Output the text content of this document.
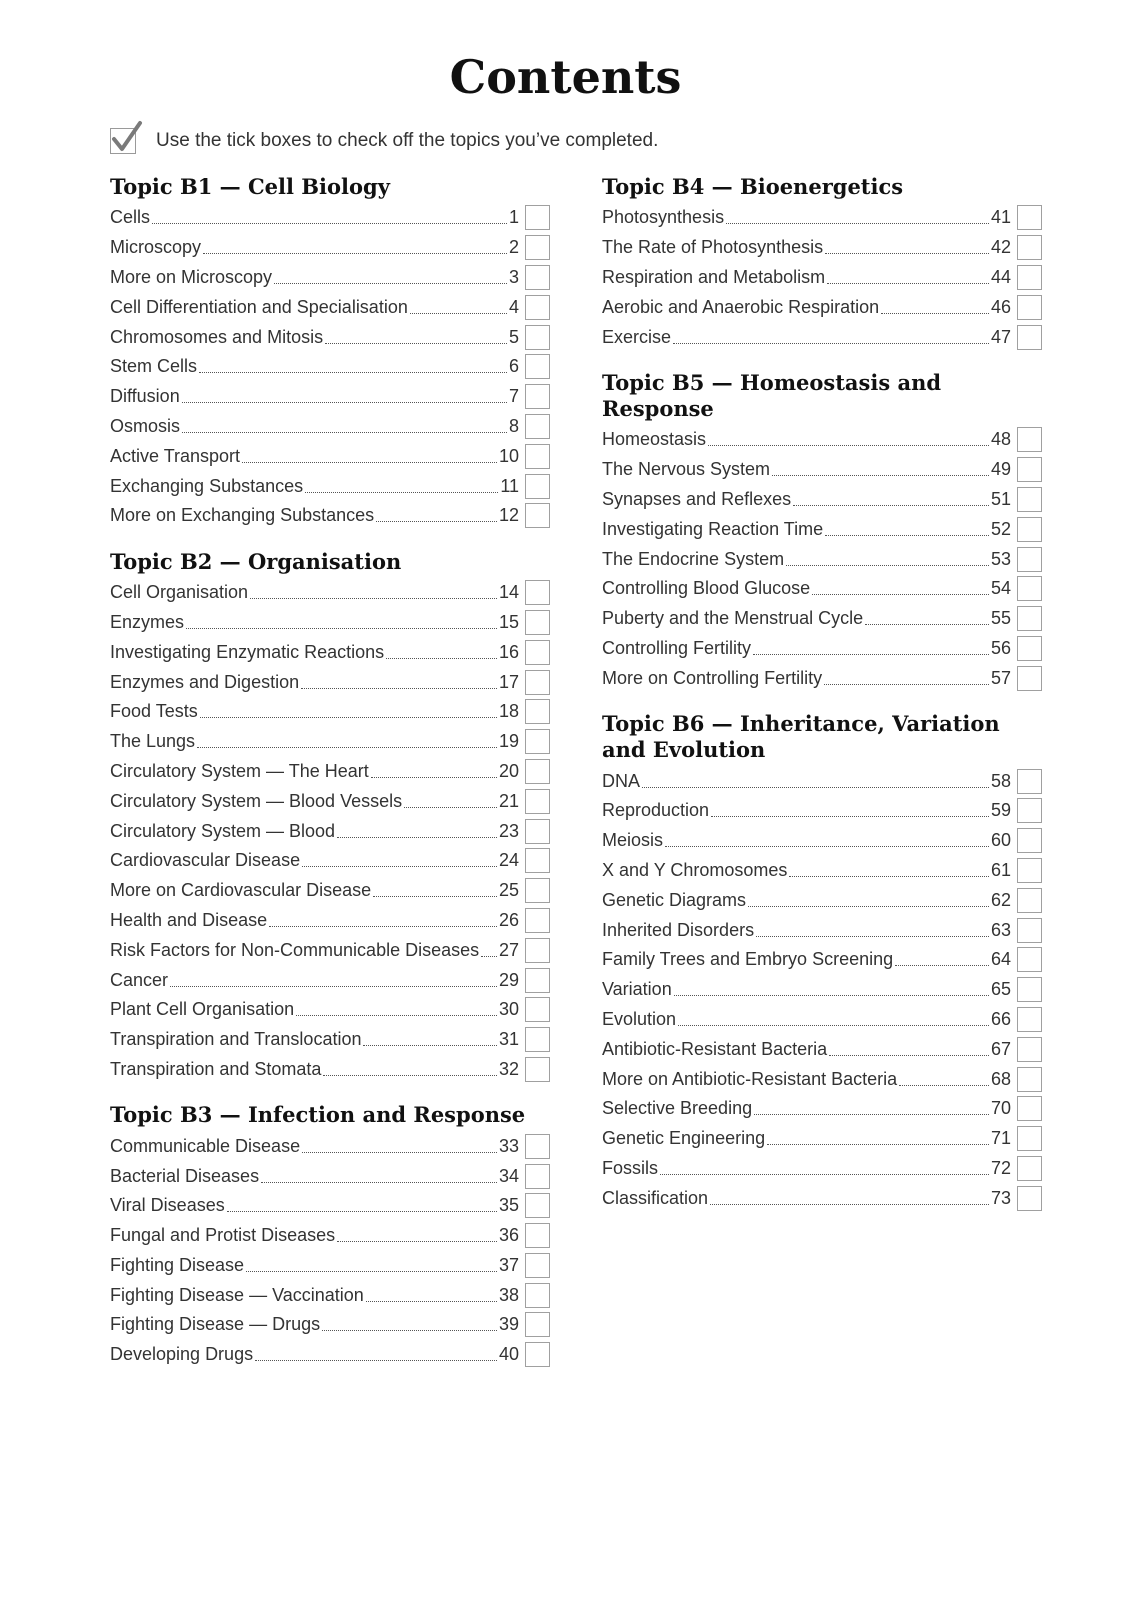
Contents
Use the tick boxes to check off the topics you’ve completed.
Topic B1 — Cell Biology
Cells	1
Microscopy	2
More on Microscopy	3
Cell Differentiation and Specialisation	4
Chromosomes and Mitosis	5
Stem Cells	6
Diffusion	7
Osmosis	8
Active Transport	10
Exchanging Substances	11
More on Exchanging Substances	12
Topic B2 — Organisation
Cell Organisation	14
Enzymes	15
Investigating Enzymatic Reactions	16
Enzymes and Digestion	17
Food Tests	18
The Lungs	19
Circulatory System — The Heart	20
Circulatory System — Blood Vessels	21
Circulatory System — Blood	23
Cardiovascular Disease	24
More on Cardiovascular Disease	25
Health and Disease	26
Risk Factors for Non-Communicable Diseases 27
Cancer	29
Plant Cell Organisation	30
Transpiration and Translocation	31
Transpiration and Stomata	32
Topic B3 — Infection and Response
Communicable Disease	33
Bacterial Diseases	34
Viral Diseases	35
Fungal and Protist Diseases	36
Fighting Disease	37
Fighting Disease — Vaccination	38
Fighting Disease — Drugs	39
Developing Drugs	40
Topic B4 — Bioenergetics
Photosynthesis	41
The Rate of Photosynthesis	42
Respiration and Metabolism	44
Aerobic and Anaerobic Respiration	46
Exercise	47
Topic B5 — Homeostasis and Response
Homeostasis	48
The Nervous System	49
Synapses and Reflexes	51
Investigating Reaction Time	52
The Endocrine System	53
Controlling Blood Glucose	54
Puberty and the Menstrual Cycle	55
Controlling Fertility	56
More on Controlling Fertility	57
Topic B6 — Inheritance, Variation and Evolution
DNA	58
Reproduction	59
Meiosis	60
X and Y Chromosomes	61
Genetic Diagrams	62
Inherited Disorders	63
Family Trees and Embryo Screening	64
Variation	65
Evolution	66
Antibiotic-Resistant Bacteria	67
More on Antibiotic-Resistant Bacteria	68
Selective Breeding	70
Genetic Engineering	71
Fossils	72
Classification	73
